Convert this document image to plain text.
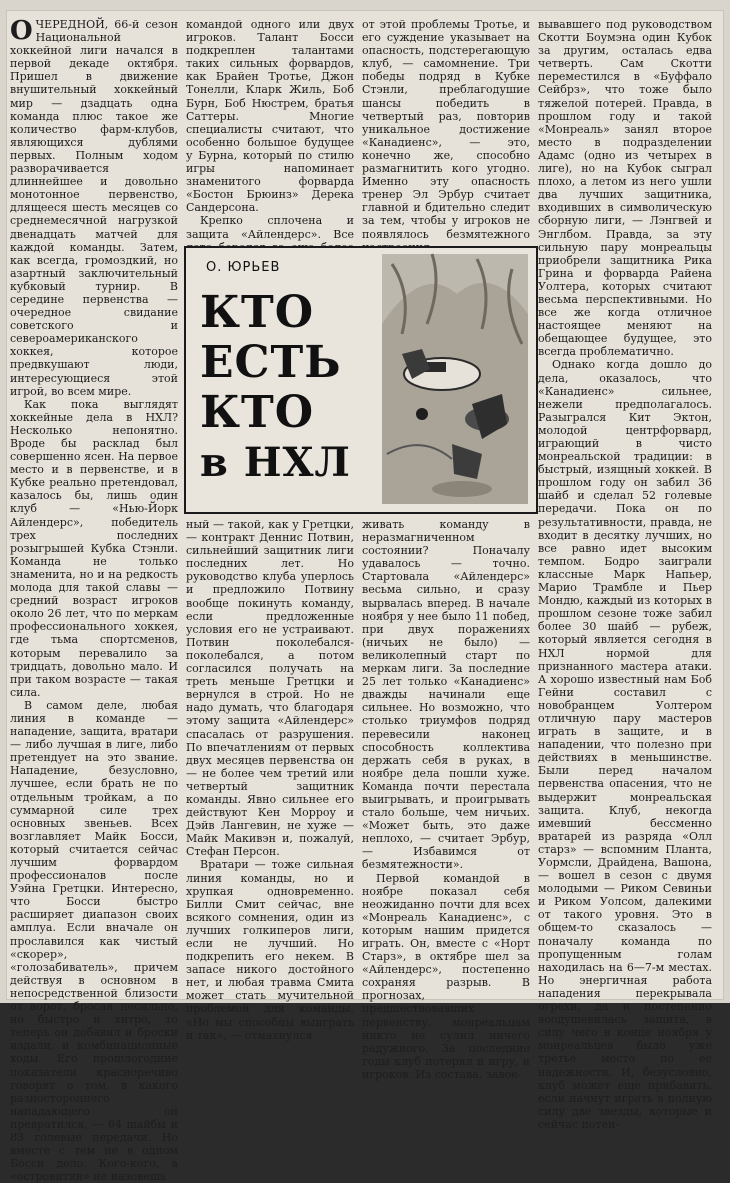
ОЧЕРЕДНОЙ, 66-й сезон Национальной хоккейной лиги начался в первой декаде октября. Пришел в движение внушительный хоккейный мир — дзадцать одна команда плюс такое же количество фарм-клубов, являющихся дублями первых. Полным ходом разворачивается длиннейшее и довольно монотонное первенство, длящееся шесть месяцев со среднемесячной нагрузкой двенадцать матчей для каждой команды. Затем, как всегда, громоздкий, но азартный заключительный кубковый турнир. В середине первенства — очередное свидание советского и североамериканского хоккея, которое предвкушают люди, интересующиеся этой игрой, во всем мире.

Как пока выглядят хоккейные дела в НХЛ? Несколько непонятно. Вроде бы расклад был совершенно ясен. На первое место и в первенстве, и в Кубке реально претендовал, казалось бы, лишь один клуб — «Нью-Йорк Айлендерс», победитель трех последних розыгрышей Кубка Стэнли. Команда не только знаменита, но и на редкость молода для такой славы — средний возраст игроков около 26 лет, что по меркам профессионального хоккея, где тьма спортсменов, которым перевалило за тридцать, довольно мало. И при таком возрасте — такая сила.

В самом деле, любая линия в команде — нападение, защита, вратари — либо лучшая в лиге, либо претендует на это звание. Нападение, безусловно, лучшее, если брать не по отдельным тройкам, а по суммарной силе трех основных звеньев. Всех возглавляет Майк Босси, который считается сейчас лучшим форвардом профессионалов после Уэйна Гретцки. Интересно, что Босси быстро расширяет диапазон своих амплуа. Если вначале он прославился как чистый «скорер», «голозабиватель», причем действуя в основном в непосредственной близости от ворот, бросая несильно, но быстро и хитро, то теперь он добавил и броски издали, и комбинационные ходы. Его прошлогодние показатели красноречиво говорят о том, в какого разностороннего нападающего он превратился, — 64 шайбы и 83 голевые передачи. Но вместе с тем не в одном Босси дело. Кого-кого, а «островитян» не назовешь

командой одного или двух игроков. Талант Босси подкреплен талантами таких сильных форвардов, как Брайен Тротье, Джон Тонелли, Кларк Жиль, Боб Бурн, Боб Нюстрем, братья Саттеры. Многие специалисты считают, что особенно большое будущее у Бурна, который по стилю игры напоминает знаменитого форварда «Бостон Брюинз» Дерека Сандерсона.

Крепко сплочена и защита «Айлендерс». Все

от этой проблемы Тротье, и его суждение указывает на опасность, подстерегающую клуб, — самомнение. Три победы подряд в Кубке Стэнли, преблагодушие шансы победить в четвертый раз, повторив уникальное достижение «Канадиенс», — это, конечно же, способно размагнитить кого угодно. Именно эту опасность тренер Эл Эрбур считает главной и бдительно следит за тем, чтобы у игроков не появлялось безмятежного

О. ЮРЬЕВ
КТО
ЕСТЬ
КТО
в НХЛ

ный — такой, как у Гретцки, — контракт Деннис Потвин, сильнейший защитник лиги последних лет. Но руководство клуба уперлось и предложило Потвину вообще покинуть команду, если предложенные условия его не устраивают. Потвин поколебался-поколебался, а потом согласился получать на треть меньше Гретцки и вернулся в строй. Но не надо думать, что благодаря этому защита «Айлендерс» спасалась от разрушения. По впечатлениям от первых двух месяцев первенства он — не более чем третий или четвертый защитник команды. Явно сильнее его действуют Кен Морроу и Дэйв Лангевин, не хуже — Майк Макивэн и, пожалуй, Стефан Персон.

Вратари — тоже сильная линия команды, но и хрупкая одновременно. Билли Смит сейчас, вне всякого сомнения, один из лучших голкиперов лиги, если не лучший. Но подкрепить его некем. В запасе никого достойного нет, и любая травма Смита может стать мучительной проблемой для команды. «Но мы способны выиграть и так», — отмахнулся

живать команду в неразмагниченном состоянии? Поначалу удавалось — точно. Стартовала «Айлендерс» весьма сильно, и сразу вырвалась вперед. В начале ноября у нее было 11 побед, при двух поражениях (ничьих не было) — великолепный старт по меркам лиги. За последние 25 лет только «Канадиенс» дважды начинали еще сильнее. Но возможно, что столько триумфов подряд перевесили наконец способность коллектива держать себя в руках, в ноябре дела пошли хуже. Команда почти перестала выигрывать, и проигрывать стало больше, чем ничьих. «Может быть, это даже неплохо, — считает Эрбур, — Избавимся от безмятежности».

Первой командой в ноябре показал себя неожиданно почти для всех «Монреаль Канадиенс», с которым нашим придется играть. Он, вместе с «Норт Старз», в октябре шел за «Айлендерс», постепенно сохраняя разрыв. В прогнозах, предшествовавших первенству, монреальцам никто не сулил ничего радужного. За последние годы клуб потерял и игру, и игроков. Из состава, завое-

вывавшего под руководством Скотти Боумэна один Кубок за другим, осталась едва четверть. Сам Скотти переместился в «Буффало Сейбрз», что тоже было тяжелой потерей. Правда, в прошлом году и такой «Монреаль» занял второе место в подразделении Адамс (одно из четырех в лиге), но на Кубок сыграл плохо, а летом из него ушли два лучших защитника, входивших в символическую сборную лиги, — Лэнгвей и Энглбом. Правда, за эту сильную пару монреальцы приобрели защитника Рика Грина и форварда Райена Уолтера, которых считают весьма перспективными. Но все же когда отличное настоящее меняют на обещающее будущее, это всегда проблематично.

Однако когда дошло до дела, оказалось, что «Канадиенс» сильнее, нежели предполагалось. Разыгрался Кит Эктон, молодой центрфорвард, играющий в чисто монреальской традиции: в быстрый, изящный хоккей. В прошлом году он забил 36 шайб и сделал 52 голевые передачи. Пока он по результативности, правда, не входит в десятку лучших, но все равно идет высоким темпом. Бодро заиграли классные Марк Напьер, Марио Трамбле и Пьер Мондю, каждый из которых в прошлом сезоне тоже забил более 30 шайб — рубеж, который является сегодня в НХЛ нормой для признанного мастера атаки. А хорошо известный нам Боб Гейни составил с новобранцем Уолтером отличную пару мастеров играть в защите, и в нападении, что полезно при действиях в меньшинстве. Были перед началом первенства опасения, что не выдержит монреальская защита. Клуб, некогда имевший бессменно вратарей из разряда «Олл старз» — вспомним Планта, Уормсли, Драйдена, Вашона, — вошел в сезон с двумя молодыми — Риком Севиньи и Риком Уолсом, далекими от такого уровня. Это в общем-то сказалось — поначалу команда по пропущенным голам находилась на 6—7-м местах. Но энергичная работа нападения перекрывала огрехи, да и постепенно воодушевилась защита, в силу чего в конце ноября у монреальцев было уже третье место по ее надежности. И, безусловно, клуб может еще прибавить, если начнут играть в полную силу две звезды, которые и сейчас потен-
